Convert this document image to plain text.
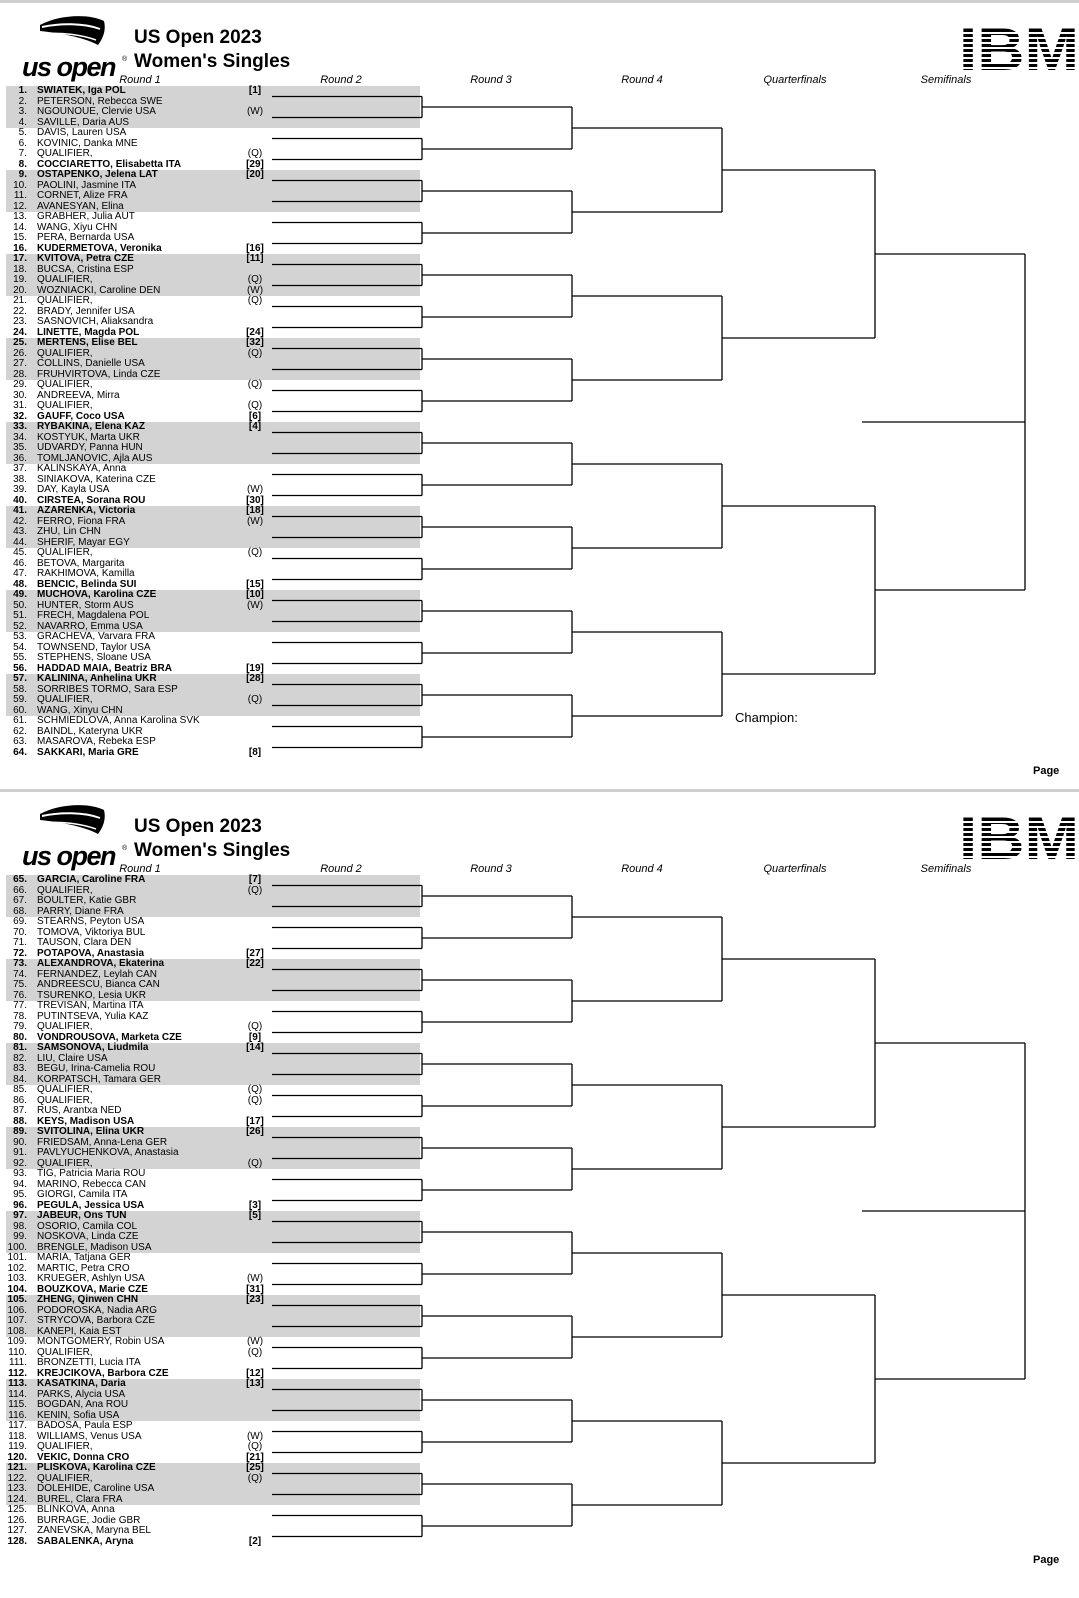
us open ®
US Open 2023
Women's Singles
Round 1	Round 2	Round 3	Round 4	Quarterfinals	Semifinals
1. SWIATEK, Iga POL	[1]
2. PETERSON, Rebecca SWE
3. NGOUNOUE, Clervie USA	(W)
4. SAVILLE, Daria AUS
5. DAVIS, Lauren USA
6. KOVINIC, Danka MNE
7. QUALIFIER,	(Q)
8. COCCIARETTO, Elisabetta ITA	[29]
9. OSTAPENKO, Jelena LAT	[20]
10. PAOLINI, Jasmine ITA
11. CORNET, Alize FRA
12. AVANESYAN, Elina
13. GRABHER, Julia AUT
14. WANG, Xiyu CHN
15. PERA, Bernarda USA
16. KUDERMETOVA, Veronika	[16]
17. KVITOVA, Petra CZE	[11]
18. BUCSA, Cristina ESP
19. QUALIFIER,	(Q)
20. WOZNIACKI, Caroline DEN	(W)
21. QUALIFIER,	(Q)
22. BRADY, Jennifer USA
23. SASNOVICH, Aliaksandra
24. LINETTE, Magda POL	[24]
25. MERTENS, Elise BEL	[32]
26. QUALIFIER,	(Q)
27. COLLINS, Danielle USA
28. FRUHVIRTOVA, Linda CZE
29. QUALIFIER,	(Q)
30. ANDREEVA, Mirra
31. QUALIFIER,	(Q)
32. GAUFF, Coco USA	[6]
33. RYBAKINA, Elena KAZ	[4]
34. KOSTYUK, Marta UKR
35. UDVARDY, Panna HUN
36. TOMLJANOVIC, Ajla AUS
37. KALINSKAYA, Anna
38. SINIAKOVA, Katerina CZE
39. DAY, Kayla USA	(W)
40. CIRSTEA, Sorana ROU	[30]
41. AZARENKA, Victoria	[18]
42. FERRO, Fiona FRA	(W)
43. ZHU, Lin CHN
44. SHERIF, Mayar EGY
45. QUALIFIER,	(Q)
46. BETOVA, Margarita
47. RAKHIMOVA, Kamilla
48. BENCIC, Belinda SUI	[15]
49. MUCHOVA, Karolina CZE	[10]
50. HUNTER, Storm AUS	(W)
51. FRECH, Magdalena POL
52. NAVARRO, Emma USA
53. GRACHEVA, Varvara FRA
54. TOWNSEND, Taylor USA
55. STEPHENS, Sloane USA
56. HADDAD MAIA, Beatriz BRA	[19]
57. KALININA, Anhelina UKR	[28]
58. SORRIBES TORMO, Sara ESP
59. QUALIFIER,	(Q)
60. WANG, Xinyu CHN
61. SCHMIEDLOVA, Anna Karolina SVK
62. BAINDL, Kateryna UKR
63. MASAROVA, Rebeka ESP
64. SAKKARI, Maria GRE	[8]
Champion:
Page
us open ®
US Open 2023
Women's Singles
Round 1	Round 2	Round 3	Round 4	Quarterfinals	Semifinals
65. GARCIA, Caroline FRA	[7]
66. QUALIFIER,	(Q)
67. BOULTER, Katie GBR
68. PARRY, Diane FRA
69. STEARNS, Peyton USA
70. TOMOVA, Viktoriya BUL
71. TAUSON, Clara DEN
72. POTAPOVA, Anastasia	[27]
73. ALEXANDROVA, Ekaterina	[22]
74. FERNANDEZ, Leylah CAN
75. ANDREESCU, Bianca CAN
76. TSURENKO, Lesia UKR
77. TREVISAN, Martina ITA
78. PUTINTSEVA, Yulia KAZ
79. QUALIFIER,	(Q)
80. VONDROUSOVA, Marketa CZE	[9]
81. SAMSONOVA, Liudmila	[14]
82. LIU, Claire USA
83. BEGU, Irina-Camelia ROU
84. KORPATSCH, Tamara GER
85. QUALIFIER,	(Q)
86. QUALIFIER,	(Q)
87. RUS, Arantxa NED
88. KEYS, Madison USA	[17]
89. SVITOLINA, Elina UKR	[26]
90. FRIEDSAM, Anna-Lena GER
91. PAVLYUCHENKOVA, Anastasia
92. QUALIFIER,	(Q)
93. TIG, Patricia Maria ROU
94. MARINO, Rebecca CAN
95. GIORGI, Camila ITA
96. PEGULA, Jessica USA	[3]
97. JABEUR, Ons TUN	[5]
98. OSORIO, Camila COL
99. NOSKOVA, Linda CZE
100. BRENGLE, Madison USA
101. MARIA, Tatjana GER
102. MARTIC, Petra CRO
103. KRUEGER, Ashlyn USA	(W)
104. BOUZKOVA, Marie CZE	[31]
105. ZHENG, Qinwen CHN	[23]
106. PODOROSKA, Nadia ARG
107. STRYCOVA, Barbora CZE
108. KANEPI, Kaia EST
109. MONTGOMERY, Robin USA	(W)
110. QUALIFIER,	(Q)
111. BRONZETTI, Lucia ITA
112. KREJCIKOVA, Barbora CZE	[12]
113. KASATKINA, Daria	[13]
114. PARKS, Alycia USA
115. BOGDAN, Ana ROU
116. KENIN, Sofia USA
117. BADOSA, Paula ESP
118. WILLIAMS, Venus USA	(W)
119. QUALIFIER,	(Q)
120. VEKIC, Donna CRO	[21]
121. PLISKOVA, Karolina CZE	[25]
122. QUALIFIER,	(Q)
123. DOLEHIDE, Caroline USA
124. BUREL, Clara FRA
125. BLINKOVA, Anna
126. BURRAGE, Jodie GBR
127. ZANEVSKA, Maryna BEL
128. SABALENKA, Aryna	[2]
Page
